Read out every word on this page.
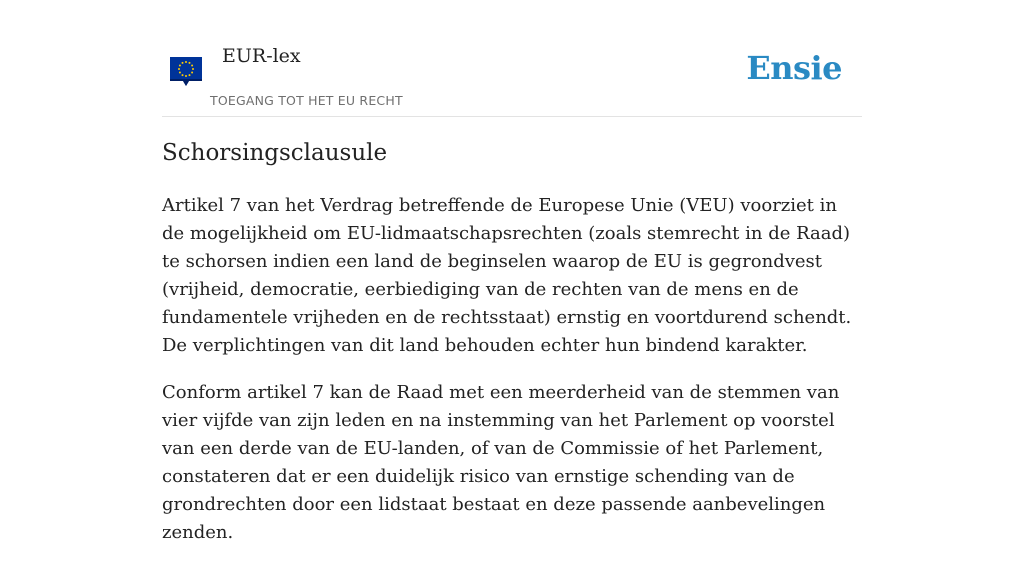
EUR-lex
TOEGANG TOT HET EU RECHT
Ensie
Schorsingsclausule

Artikel 7 van het Verdrag betreffende de Europese Unie (VEU) voorziet in de mogelijkheid om EU-lidmaatschapsrechten (zoals stemrecht in de Raad) te schorsen indien een land de beginselen waarop de EU is gegrondvest (vrijheid, democratie, eerbiediging van de rechten van de mens en de fundamentele vrijheden en de rechtsstaat) ernstig en voortdurend schendt. De verplichtingen van dit land behouden echter hun bindend karakter.

Conform artikel 7 kan de Raad met een meerderheid van de stemmen van vier vijfde van zijn leden en na instemming van het Parlement op voorstel van een derde van de EU-landen, of van de Commissie of het Parlement, constateren dat er een duidelijk risico van ernstige schending van de grondrechten door een lidstaat bestaat en deze passende aanbevelingen zenden.
